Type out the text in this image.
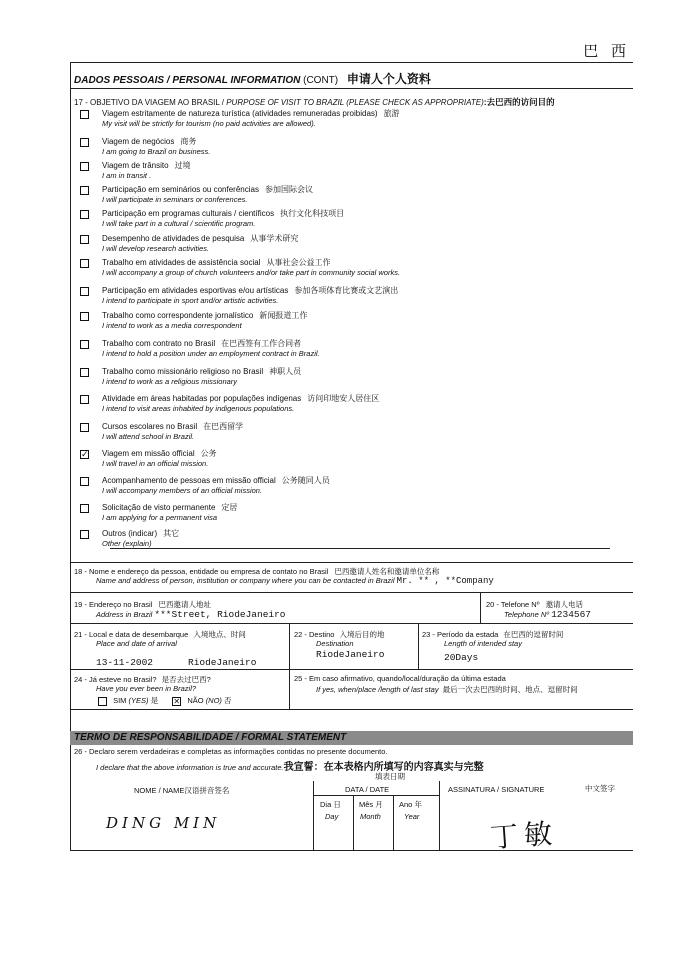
巴 西
DADOS PESSOAIS / PERSONAL INFORMATION (CONT) 申请人个人资料
17 - OBJETIVO DA VIAGEM AO BRASIL / PURPOSE OF VISIT TO BRAZIL (PLEASE CHECK AS APPROPRIATE):去巴西的访问目的
Viagem estritamente de natureza turística (atividades remuneradas proibidas) 旅游
My visit will be strictly for tourism (no paid activities are allowed).
Viagem de negócios 商务
I am going to Brazil on business.
Viagem de trânsito 过境
I am in transit .
Participação em seminários ou conferências 参加国际会议
I will participate in seminars or conferences.
Participação em programas culturais / científicos 执行文化科技项目
I will take part in a cultural / scientific program.
Desempenho de atividades de pesquisa 从事学术研究
I will develop research activities.
Trabalho em atividades de assistência social 从事社会公益工作
I will accompany a group of church volunteers and/or take part in community social works.
Participação em atividades esportivas e/ou artísticas 参加各项体育比赛或文艺演出
I intend to participate in sport and/or artistic activities.
Trabalho como correspondente jornalístico 新闻报道工作
I intend to work as a media correspondent
Trabalho com contrato no Brasil 在巴西签有工作合同者
I intend to hold a position under an employment contract in Brazil.
Trabalho como missionário religioso no Brasil 神职人员
I intend to work as a religious missionary
Atividade em áreas habitadas por populações indígenas 访问印地安人居住区
I intend to visit areas inhabited by indigenous populations.
Cursos escolares no Brasil 在巴西留学
I will attend school in Brazil.
✓ Viagem em missão official 公务
I will travel in an official mission.
Acompanhamento de pessoas em missão official 公务随同人员
I will accompany members of an official mission.
Solicitação de visto permanente 定居
I am applying for a permanent visa
Outros (indicar) 其它
Other (explain)
18 - Nome e endereço da pessoa, entidade ou empresa de contato no Brasil 巴西邀请人姓名和邀请单位名称
Name and address of person, institution or company where you can be contacted in Brazil Mr. ** , **Company
19 - Endereço no Brasil 巴西邀请人地址
Address in Brazil ***Street, RiodeJaneiro
20 - Telefone Nº 邀请人电话
Telephone Nº 1234567
21 - Local e data de desembarque 入境地点、时间
Place and date of arrival
13-11-2002	RiodeJaneiro
22 - Destino 入境后目的地
Destination
RiodeJaneiro
23 - Período da estada 在巴西的逗留时间
Length of intended stay
20Days
24 - Já esteve no Brasil? 是否去过巴西?
Have you ever been in Brazil?
SIM (YES) 是 ✕ NÃO (NO) 否
25 - Em caso afirmativo, quando/local/duração da última estada
If yes, when/place /length of last stay 最后一次去巴西的时间、地点、逗留时间
TERMO DE RESPONSABILIDADE / FORMAL STATEMENT
26 - Declaro serem verdadeiras e completas as informações contidas no presente documento.
I declare that the above information is true and accurate.我宣誓：在本表格内所填写的内容真实与完整
填表日期
NOME / NAME汉语拼音签名	DATA / DATE	ASSINATURA / SIGNATURE	中文签字
Dia 日
Day
Mês 月
Month
Ano 年
Year
DING MIN	丁敏
